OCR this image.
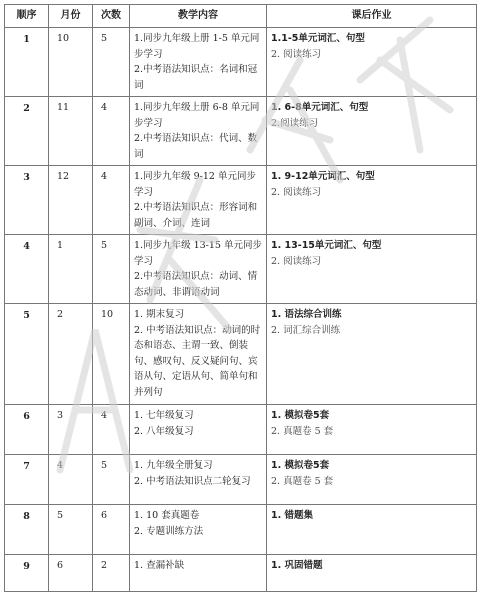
顺序	月份	次数	教学内容	课后作业
1	10	5	1.同步九年级上册 1-5 单元同步学习
2.中考语法知识点：名词和冠词	1.1-5单元词汇、句型
2. 阅读练习

2	11	4	1.同步九年级上册 6-8 单元同步学习
2.中考语法知识点：代词、数词	1. 6-8单元词汇、句型
2.阅读练习

3	12	4	1.同步九年级 9-12 单元同步学习
2.中考语法知识点：形容词和副词、介词、连词	1. 9-12单元词汇、句型
2. 阅读练习

4	1	5	1.同步九年级 13-15 单元同步学习
2.中考语法知识点：动词、情态动词、非谓语动词	1. 13-15单元词汇、句型
2. 阅读练习

5	2	10	1. 期末复习
2. 中考语法知识点：动词的时态和语态、主谓一致、倒装句、感叹句、反义疑问句、宾语从句、定语从句、简单句和并列句	1. 语法综合训练
2. 词汇综合训练

6	3	4	1. 七年级复习
2. 八年级复习	1. 模拟卷5套
2. 真题卷 5 套

7	4	5	1. 九年级全册复习
2. 中考语法知识点二轮复习	1. 模拟卷5套
2. 真题卷 5 套

8	5	6	1. 10 套真题卷
2. 专题训练方法	1. 错题集

9	6	2	1. 查漏补缺	1. 巩固错题
